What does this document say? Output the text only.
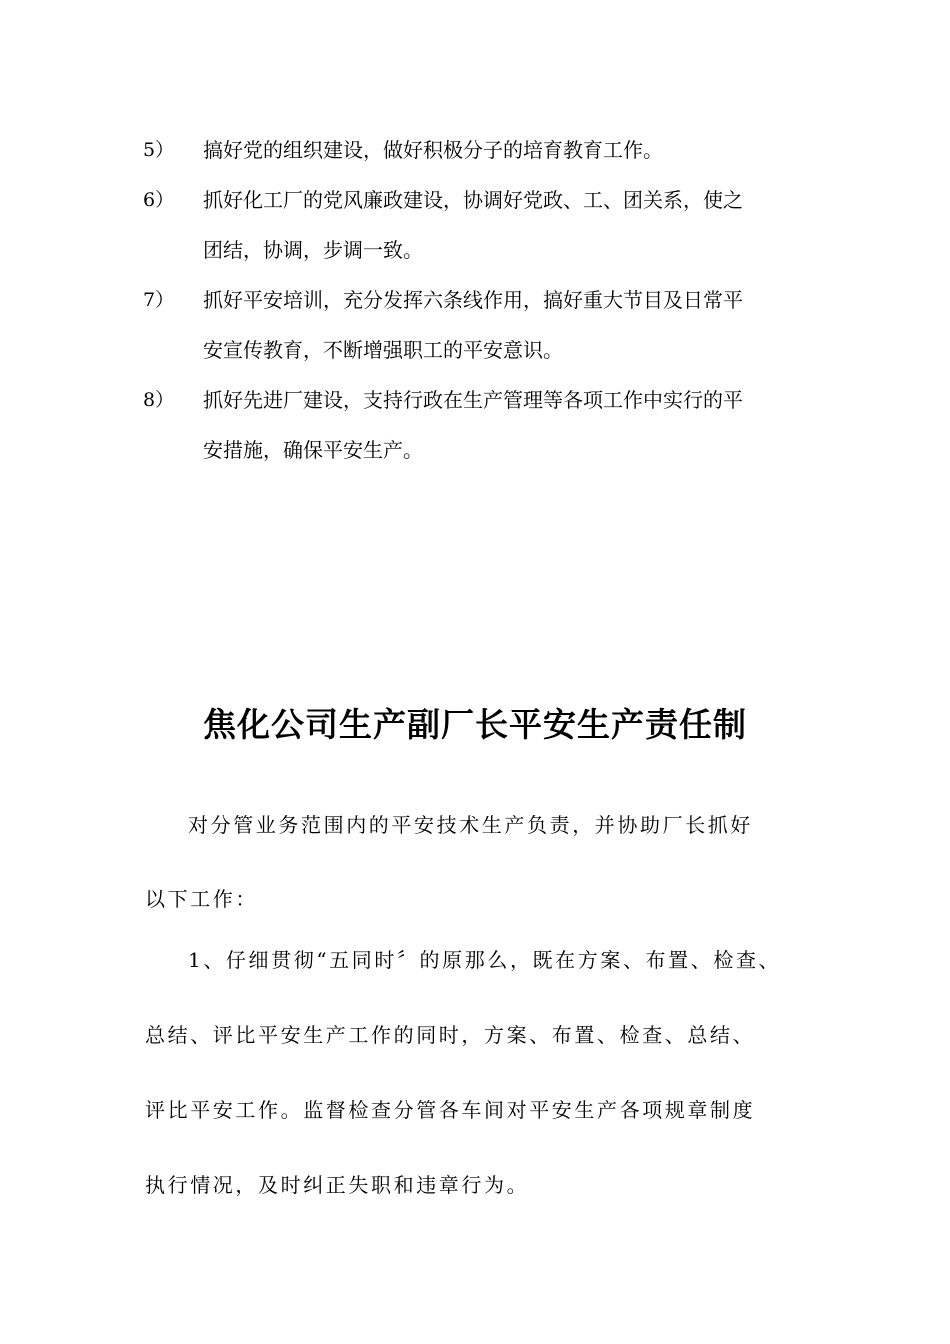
5） 搞好党的组织建设，做好积极分子的培育教育工作。
6） 抓好化工厂的党风廉政建设，协调好党政、工、团关系，使之
团结，协调，步调一致。
7） 抓好平安培训，充分发挥六条线作用，搞好重大节目及日常平
安宣传教育，不断增强职工的平安意识。
8） 抓好先进厂建设，支持行政在生产管理等各项工作中实行的平
安措施，确保平安生产。
焦化公司生产副厂长平安生产责任制
对分管业务范围内的平安技术生产负责，并协助厂长抓好
以下工作：
1、仔细贯彻“五同时〞的原那么，既在方案、布置、检查、
总结、评比平安生产工作的同时，方案、布置、检查、总结、
评比平安工作。监督检查分管各车间对平安生产各项规章制度
执行情况，及时纠正失职和违章行为。
